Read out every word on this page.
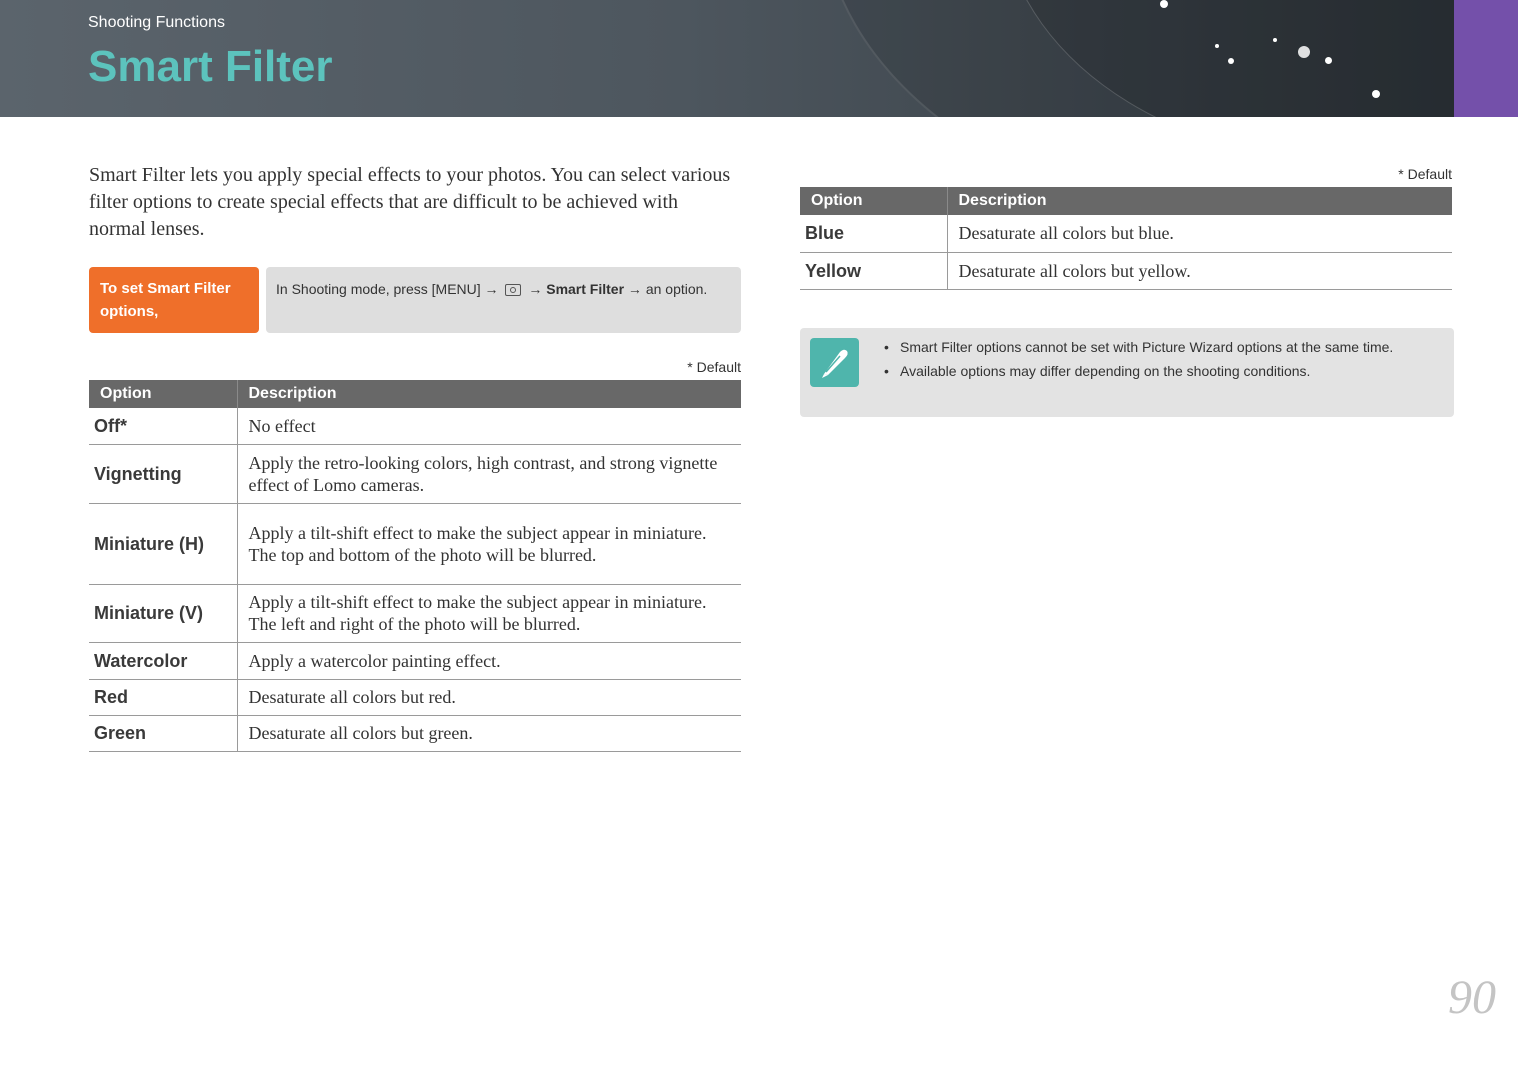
Shooting Functions
Smart Filter

Smart Filter lets you apply special effects to your photos. You can select various filter options to create special effects that are difficult to be achieved with normal lenses.

To set Smart Filter options,
In Shooting mode, press [MENU] →  → Smart Filter → an option.
* Default
Option	Description
Off*	No effect
Vignetting	Apply the retro-looking colors, high contrast, and strong vignette effect of Lomo cameras.
Miniature (H)	Apply a tilt-shift effect to make the subject appear in miniature. The top and bottom of the photo will be blurred.
Miniature (V)	Apply a tilt-shift effect to make the subject appear in miniature. The left and right of the photo will be blurred.
Watercolor	Apply a watercolor painting effect.
Red	Desaturate all colors but red.
Green	Desaturate all colors but green.
* Default
Option	Description
Blue	Desaturate all colors but blue.
Yellow	Desaturate all colors but yellow.
• Smart Filter options cannot be set with Picture Wizard options at the same time.
• Available options may differ depending on the shooting conditions.
90
